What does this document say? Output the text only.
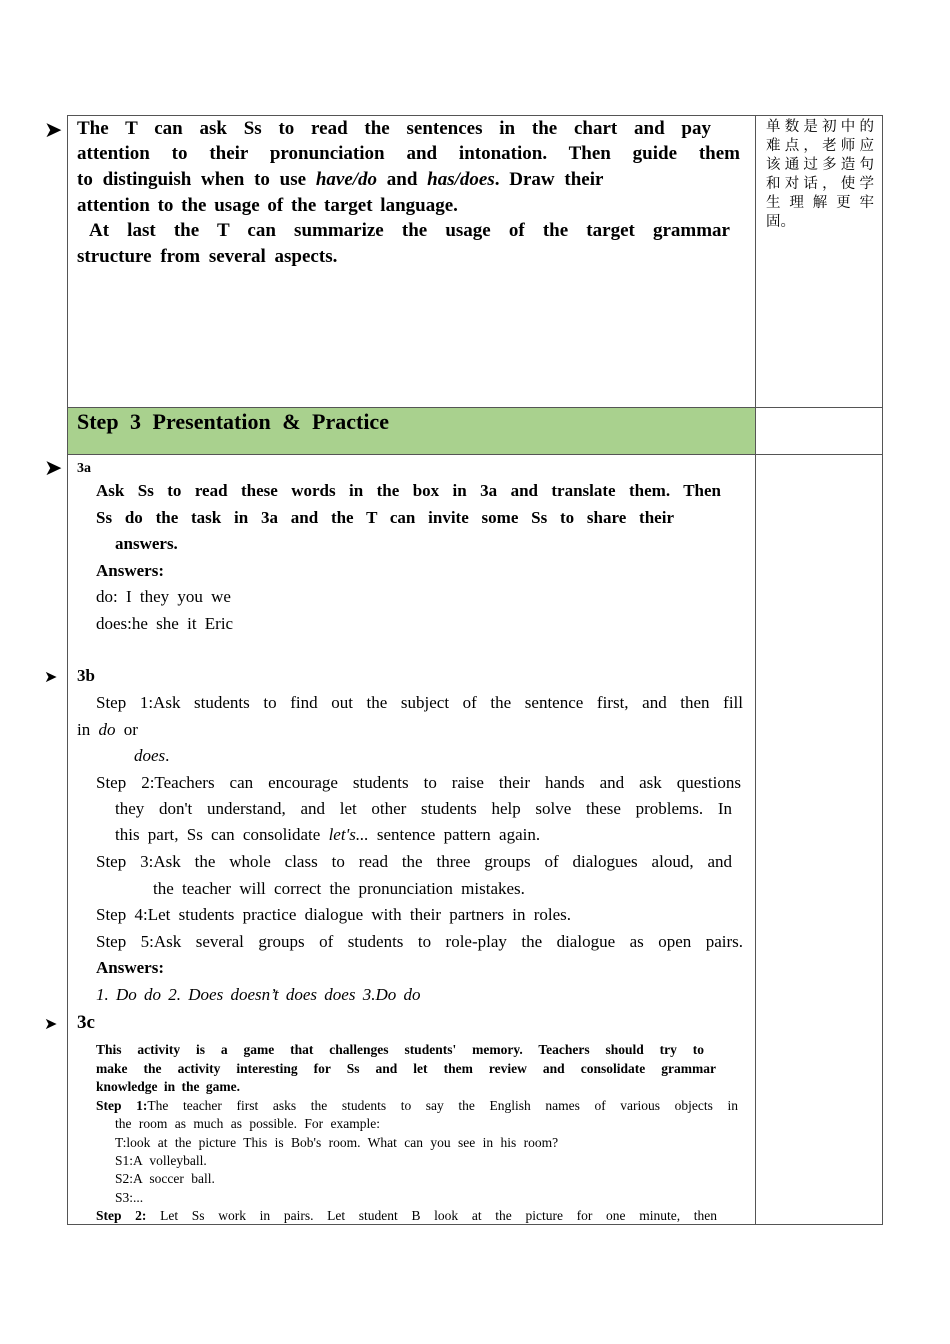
➤
➤
➤
➤
The T can ask Ss to read the sentences in the chart and pay
attention to their pronunciation and intonation. Then guide them
to distinguish when to use have/do and has/does. Draw their
attention to the usage of the target language.
At last the T can summarize the usage of the target grammar
structure from several aspects.
单数是初中的
难点，老师应
该通过多造句
和对话，使学
生理解更牢
固。
Step 3 Presentation & Practice
3a
Ask Ss to read these words in the box in 3a and translate them. Then
Ss do the task in 3a and the T can invite some Ss to share their
answers.
Answers:
do: I they you we
does:he she it Eric
3b
Step 1:Ask students to find out the subject of the sentence first, and then fill
in do or
does.
Step 2:Teachers can encourage students to raise their hands and ask questions
they don't understand, and let other students help solve these problems. In
this part, Ss can consolidate let's... sentence pattern again.
Step 3:Ask the whole class to read the three groups of dialogues aloud, and
the teacher will correct the pronunciation mistakes.
Step 4:Let students practice dialogue with their partners in roles.
Step 5:Ask several groups of students to role-play the dialogue as open pairs.
Answers:
1. Do do 2. Does doesn’t does does 3.Do do
3c
This activity is a game that challenges students' memory. Teachers should try to
make the activity interesting for Ss and let them review and consolidate grammar
knowledge in the game.
Step 1:The teacher first asks the students to say the English names of various objects in
the room as much as possible. For example:
T:look at the picture This is Bob's room. What can you see in his room?
S1:A volleyball.
S2:A soccer ball.
S3:...
Step 2: Let Ss work in pairs. Let student B look at the picture for one minute, then
